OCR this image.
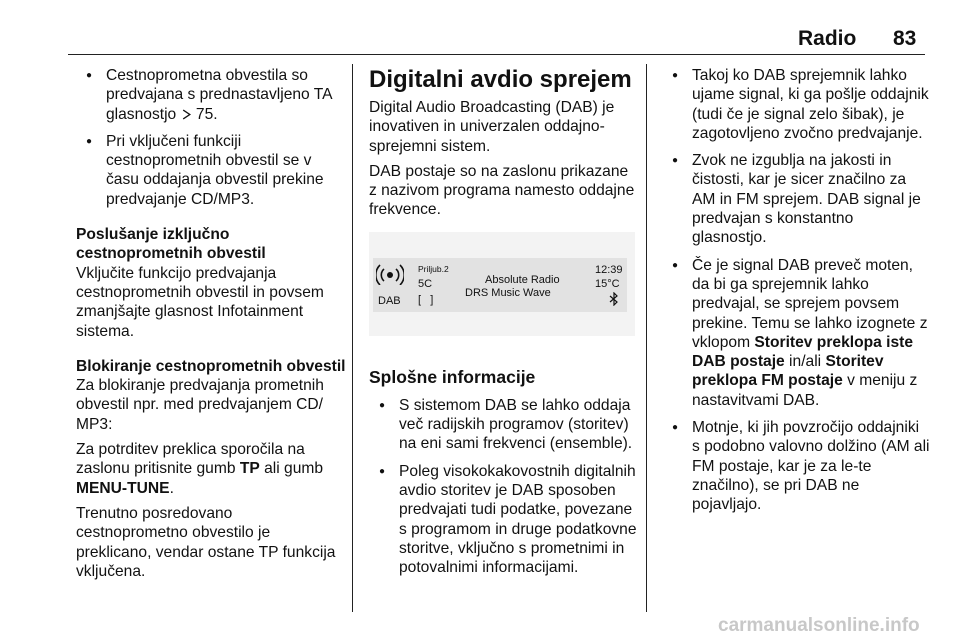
Radio 83
● Cestnoprometna obvestila so predvajana s prednastavljeno TA glasnostjo  75.
● Pri vključeni funkciji cestnoprometnih obvestil se v času oddajanja obvestil prekine predvajanje CD/MP3.

Poslušanje izključno cestnoprometnih obvestil

Vključite funkcijo predvajanja cestnoprometnih obvestil in povsem zmanjšajte glasnost Infotainment sistema.

Blokiranje cestnoprometnih obvestil

Za blokiranje predvajanja prometnih obvestil npr. med predvajanjem CD/ MP3:

Za potrditev preklica sporočila na zaslonu pritisnite gumb TP ali gumb MENU-TUNE.

Trenutno posredovano cestnoprometno obvestilo je preklicano, vendar ostane TP funkcija vključena.

Digitalni avdio sprejem

Digital Audio Broadcasting (DAB) je inovativen in univerzalen oddajno-sprejemni sistem.

DAB postaje so na zaslonu prikazane z nazivom programa namesto oddajne frekvence.

DAB
Priljub.2
5C
[   ]
Absolute Radio
DRS Music Wave
12:39
15°C
Splošne informacije
● S sistemom DAB se lahko oddaja več radijskih programov (storitev) na eni sami frekvenci (ensemble).
● Poleg visokokakovostnih digitalnih avdio storitev je DAB sposoben predvajati tudi podatke, povezane s programom in druge podatkovne storitve, vključno s prometnimi in potovalnimi informacijami.
● Takoj ko DAB sprejemnik lahko ujame signal, ki ga pošlje oddajnik (tudi če je signal zelo šibak), je zagotovljeno zvočno predvajanje.
● Zvok ne izgublja na jakosti in čistosti, kar je sicer značilno za AM in FM sprejem. DAB signal je predvajan s konstantno glasnostjo.
● Če je signal DAB preveč moten, da bi ga sprejemnik lahko predvajal, se sprejem povsem prekine. Temu se lahko izognete z vklopom Storitev preklopa iste DAB postaje in/ali Storitev preklopa FM postaje v meniju z nastavitvami DAB.
● Motnje, ki jih povzročijo oddajniki s podobno valovno dolžino (AM ali FM postaje, kar je za le-te značilno), se pri DAB ne pojavljajo.
carmanualsonline.info
